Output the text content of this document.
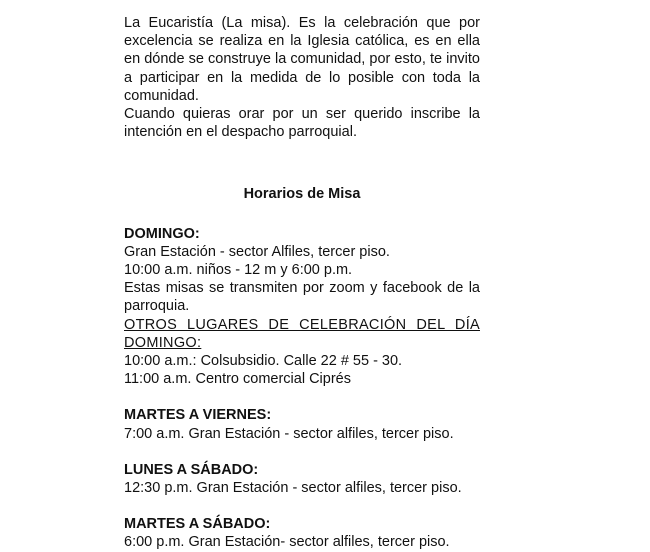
La Eucaristía (La misa). Es la celebración que por excelencia se realiza en la Iglesia católica, es en ella en dónde se construye la comunidad, por esto, te invito a participar en la medida de lo posible con toda la comunidad.

Cuando quieras orar por un ser querido inscribe la intención en el despacho parroquial.

Horarios de Misa
DOMINGO:
Gran Estación - sector Alfiles, tercer piso.
10:00 a.m. niños - 12 m y 6:00 p.m.
Estas misas se transmiten por zoom y facebook de la parroquia.
OTROS LUGARES DE CELEBRACIÓN DEL DÍA DOMINGO:
10:00 a.m.: Colsubsidio. Calle 22 # 55 - 30.
11:00 a.m. Centro comercial Ciprés
MARTES A VIERNES:
7:00 a.m. Gran Estación - sector alfiles, tercer piso.
LUNES A SÁBADO:
12:30 p.m. Gran Estación - sector alfiles, tercer piso.
MARTES A SÁBADO:
6:00 p.m. Gran Estación- sector alfiles, tercer piso.
